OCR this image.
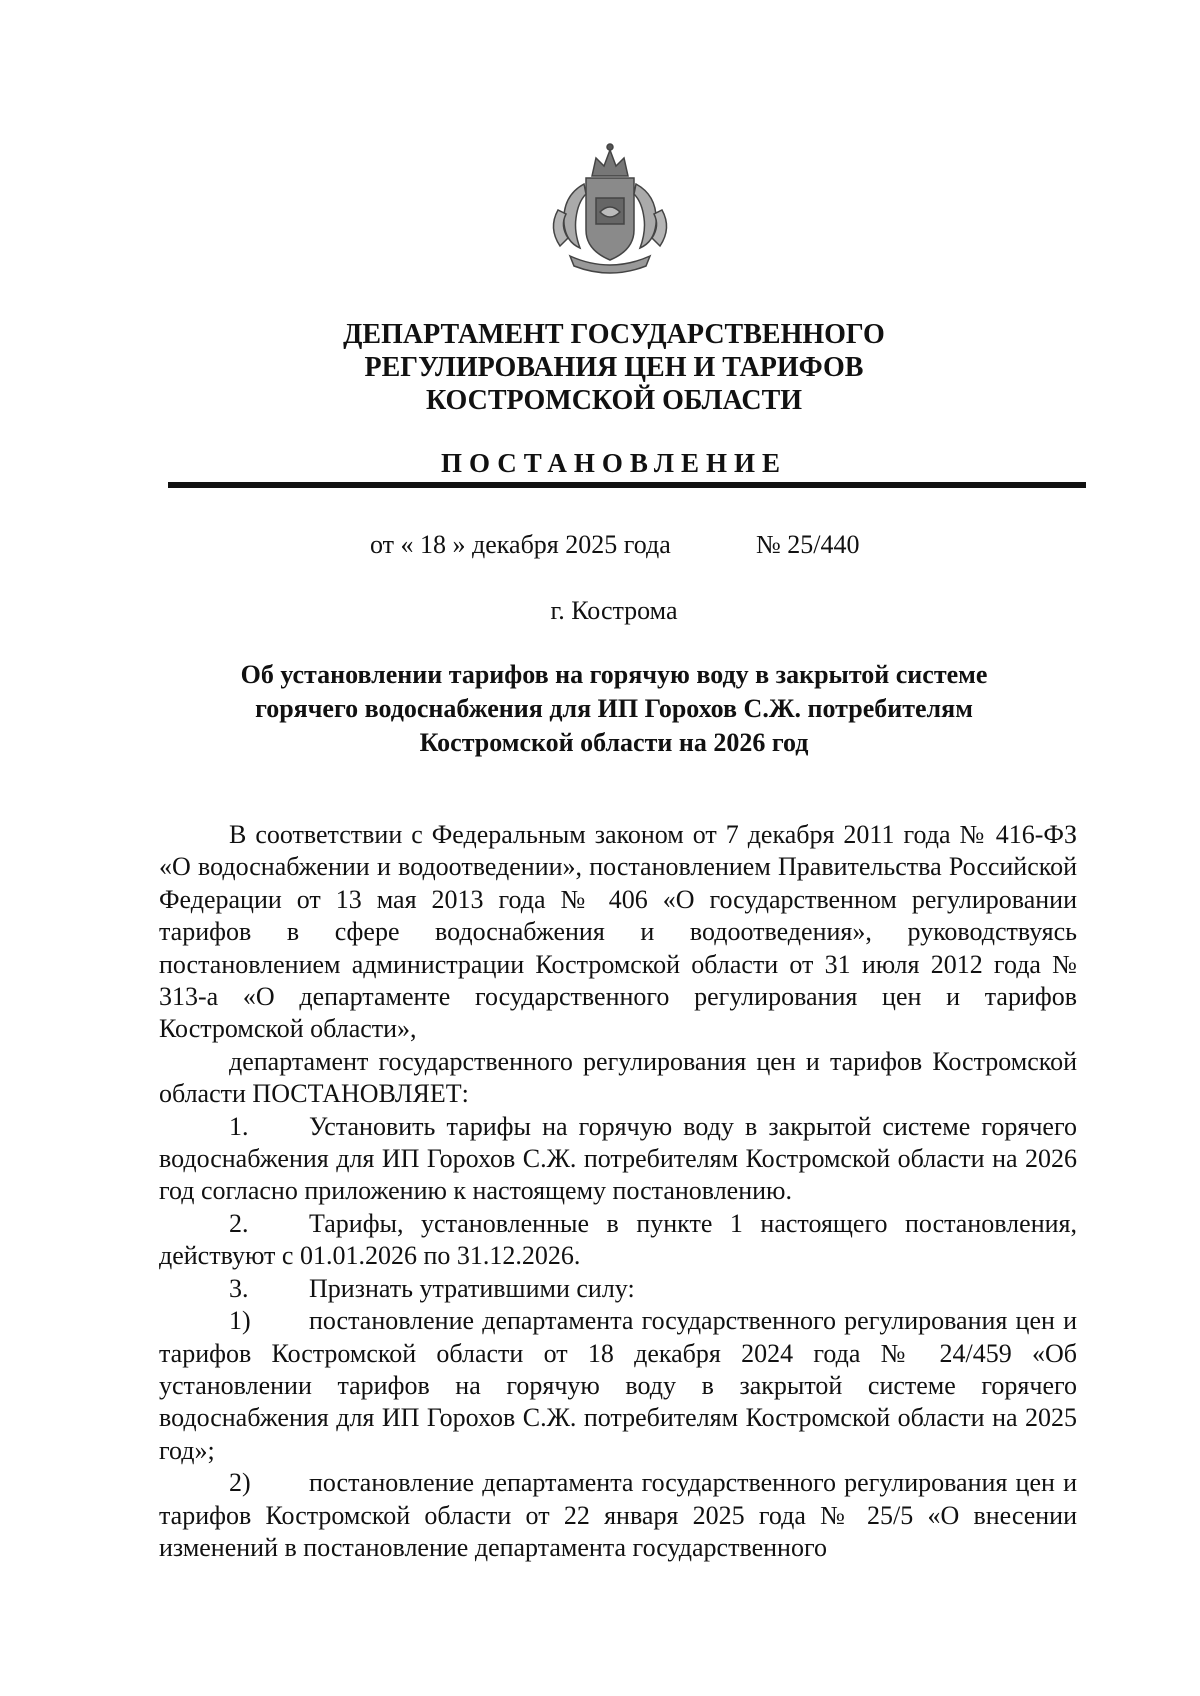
ДЕПАРТАМЕНТ ГОСУДАРСТВЕННОГО
РЕГУЛИРОВАНИЯ ЦЕН И ТАРИФОВ
КОСТРОМСКОЙ ОБЛАСТИ
ПОСТАНОВЛЕНИЕ
от « 18 » декабря 2025 года	№ 25/440
г. Кострома
Об установлении тарифов на горячую воду в закрытой системе
горячего водоснабжения для ИП Горохов С.Ж. потребителям
Костромской области на 2026 год
В соответствии с Федеральным законом от 7 декабря 2011 года № 416-ФЗ «О водоснабжении и водоотведении», постановлением Правительства Российской Федерации от 13 мая 2013 года № 406 «О государственном регулировании тарифов в сфере водоснабжения и водоотведения», руководствуясь постановлением администрации Костромской области от 31 июля 2012 года № 313-а «О департаменте государственного регулирования цен и тарифов Костромской области»,
департамент государственного регулирования цен и тарифов Костромской области ПОСТАНОВЛЯЕТ:
1. Установить тарифы на горячую воду в закрытой системе горячего водоснабжения для ИП Горохов С.Ж. потребителям Костромской области на 2026 год согласно приложению к настоящему постановлению.
2. Тарифы, установленные в пункте 1 настоящего постановления, действуют с 01.01.2026 по 31.12.2026.
3. Признать утратившими силу:
1) постановление департамента государственного регулирования цен и тарифов Костромской области от 18 декабря 2024 года № 24/459 «Об установлении тарифов на горячую воду в закрытой системе горячего водоснабжения для ИП Горохов С.Ж. потребителям Костромской области на 2025 год»;
2) постановление департамента государственного регулирования цен и тарифов Костромской области от 22 января 2025 года № 25/5 «О внесении изменений в постановление департамента государственного
